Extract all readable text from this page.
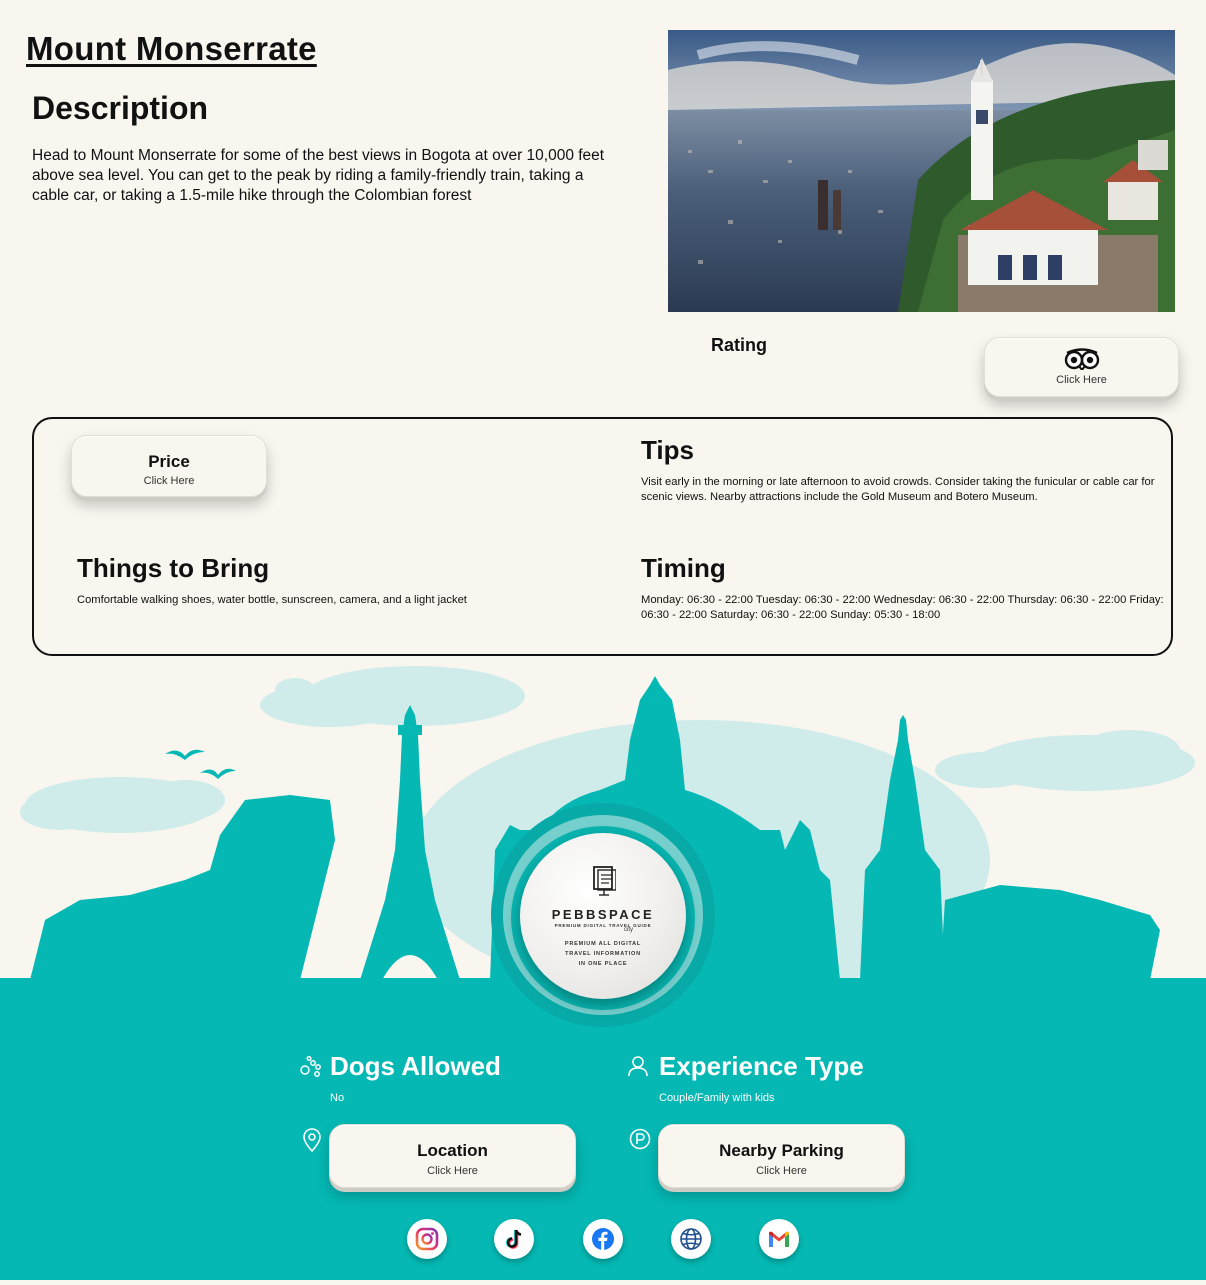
Mount Monserrate
Description

Head to Mount Monserrate for some of the best views in Bogota at over 10,000 feet above sea level. You can get to the peak by riding a family-friendly train, taking a cable car, or taking a 1.5-mile hike through the Colombian forest

Rating
Click Here
Price
Click Here
Tips

Visit early in the morning or late afternoon to avoid crowds. Consider taking the funicular or cable car for scenic views. Nearby attractions include the Gold Museum and Botero Museum.

Things to Bring

Comfortable walking shoes, water bottle, sunscreen, camera, and a light jacket

Timing

Monday: 06:30 - 22:00 Tuesday: 06:30 - 22:00 Wednesday: 06:30 - 22:00 Thursday: 06:30 - 22:00 Friday: 06:30 - 22:00 Saturday: 06:30 - 22:00 Sunday: 05:30 - 18:00

PEBBSPACE
PREMIUM DIGITAL TRAVEL GUIDE
city
PREMIUM ALL DIGITAL
TRAVEL INFORMATION
IN ONE PLACE
Dogs Allowed

No

Experience Type

Couple/Family with kids

Location
Click Here
Nearby Parking
Click Here
